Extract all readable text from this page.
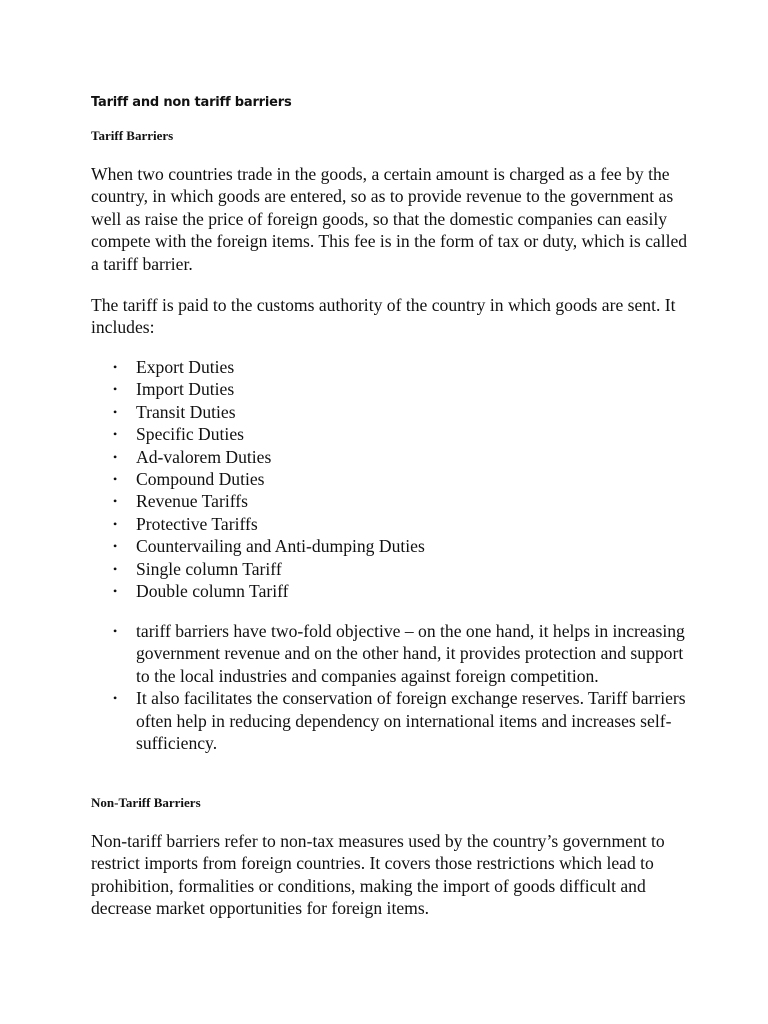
Tariff and non tariff barriers
Tariff Barriers

When two countries trade in the goods, a certain amount is charged as a fee by the country, in which goods are entered, so as to provide revenue to the government as well as raise the price of foreign goods, so that the domestic companies can easily compete with the foreign items. This fee is in the form of tax or duty, which is called a tariff barrier.

The tariff is paid to the customs authority of the country in which goods are sent. It includes:

• Export Duties
• Import Duties
• Transit Duties
• Specific Duties
• Ad-valorem Duties
• Compound Duties
• Revenue Tariffs
• Protective Tariffs
• Countervailing and Anti-dumping Duties
• Single column Tariff
• Double column Tariff
• tariff barriers have two-fold objective – on the one hand, it helps in increasing government revenue and on the other hand, it provides protection and support to the local industries and companies against foreign competition.
• It also facilitates the conservation of foreign exchange reserves. Tariff barriers often help in reducing dependency on international items and increases self-sufficiency.
Non-Tariff Barriers

Non-tariff barriers refer to non-tax measures used by the country’s government to restrict imports from foreign countries. It covers those restrictions which lead to prohibition, formalities or conditions, making the import of goods difficult and decrease market opportunities for foreign items.
